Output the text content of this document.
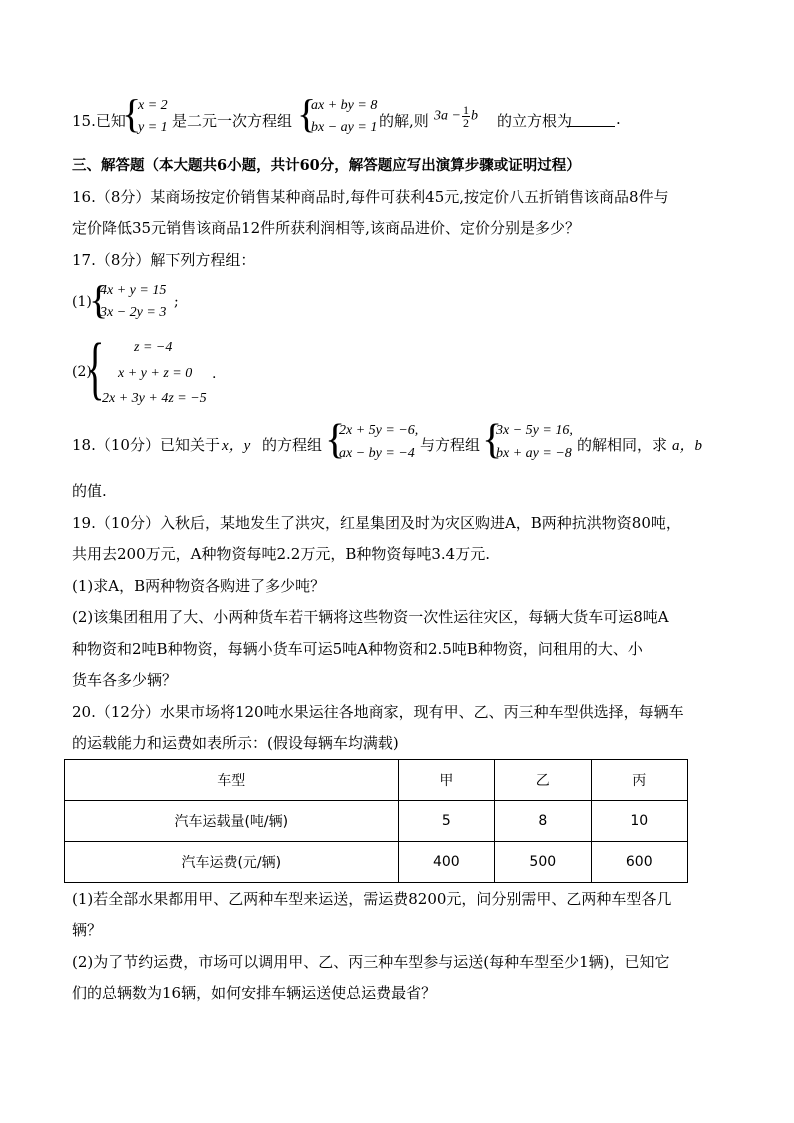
15.已知
{
x = 2
y = 1 是二元一次方程组 {
ax + by = 8
bx − ay = 1 的解,则 $3a - \frac{1}{2}$ b 的立方根为	.
三、解答题（本大题共6小题，共计60分，解答题应写出演算步骤或证明过程）
16.（8分）某商场按定价销售某种商品时,每件可获利45元,按定价八五折销售该商品8件与
定价降低35元销售该商品12件所获利润相等,该商品进价、定价分别是多少？
17.（8分）解下列方程组：
(1)
{
4x + y = 15
3x − 2y = 3
;
(2)
{ z = −4
x + y + z = 0
2x + 3y + 4z = −5
.
18.（10分）已知关于 x，y 的方程组 {
2x + 5y = −6,
ax − by = −4 与方程组 {
3x − 5y = 16,
bx + ay = −8 的解相同，求 a，b
的值.
19.（10分）入秋后，某地发生了洪灾，红星集团及时为灾区购进A，B两种抗洪物资80吨，
共用去200万元，A种物资每吨2.2万元，B种物资每吨3.4万元.
(1)求A，B两种物资各购进了多少吨？
(2)该集团租用了大、小两种货车若干辆将这些物资一次性运往灾区，每辆大货车可运8吨A
种物资和2吨B种物资，每辆小货车可运5吨A种物资和2.5吨B种物资，问租用的大、小
货车各多少辆？
20.（12分）水果市场将120吨水果运往各地商家，现有甲、乙、丙三种车型供选择，每辆车
的运载能力和运费如表所示：(假设每辆车均满载)
车型	甲	乙	丙
汽车运载量(吨/辆)	5	8	10
汽车运费(元/辆)	400	500	600
(1)若全部水果都用甲、乙两种车型来运送，需运费8200元，问分别需甲、乙两种车型各几
辆？
(2)为了节约运费，市场可以调用甲、乙、丙三种车型参与运送(每种车型至少1辆)，已知它
们的总辆数为16辆，如何安排车辆运送使总运费最省？
